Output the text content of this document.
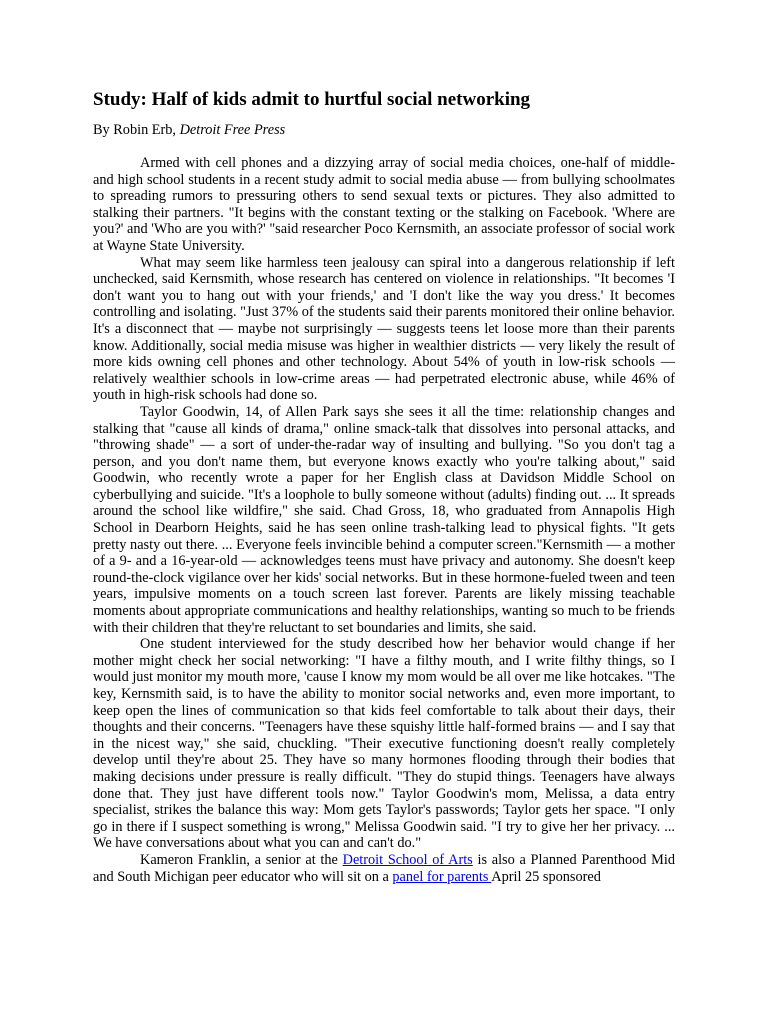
Study: Half of kids admit to hurtful social networking

By Robin Erb, Detroit Free Press

Armed with cell phones and a dizzying array of social media choices, one-half of middle- and high school students in a recent study admit to social media abuse — from bullying schoolmates to spreading rumors to pressuring others to send sexual texts or pictures. They also admitted to stalking their partners. "It begins with the constant texting or the stalking on Facebook. 'Where are you?' and 'Who are you with?' "said researcher Poco Kernsmith, an associate professor of social work at Wayne State University.

What may seem like harmless teen jealousy can spiral into a dangerous relationship if left unchecked, said Kernsmith, whose research has centered on violence in relationships. "It becomes 'I don't want you to hang out with your friends,' and 'I don't like the way you dress.' It becomes controlling and isolating. "Just 37% of the students said their parents monitored their online behavior. It's a disconnect that — maybe not surprisingly — suggests teens let loose more than their parents know. Additionally, social media misuse was higher in wealthier districts — very likely the result of more kids owning cell phones and other technology. About 54% of youth in low-risk schools — relatively wealthier schools in low-crime areas — had perpetrated electronic abuse, while 46% of youth in high-risk schools had done so.

Taylor Goodwin, 14, of Allen Park says she sees it all the time: relationship changes and stalking that "cause all kinds of drama," online smack-talk that dissolves into personal attacks, and "throwing shade" — a sort of under-the-radar way of insulting and bullying. "So you don't tag a person, and you don't name them, but everyone knows exactly who you're talking about," said Goodwin, who recently wrote a paper for her English class at Davidson Middle School on cyberbullying and suicide. "It's a loophole to bully someone without (adults) finding out. ... It spreads around the school like wildfire," she said. Chad Gross, 18, who graduated from Annapolis High School in Dearborn Heights, said he has seen online trash-talking lead to physical fights. "It gets pretty nasty out there. ... Everyone feels invincible behind a computer screen."Kernsmith — a mother of a 9- and a 16-year-old — acknowledges teens must have privacy and autonomy. She doesn't keep round-the-clock vigilance over her kids' social networks. But in these hormone-fueled tween and teen years, impulsive moments on a touch screen last forever. Parents are likely missing teachable moments about appropriate communications and healthy relationships, wanting so much to be friends with their children that they're reluctant to set boundaries and limits, she said.

One student interviewed for the study described how her behavior would change if her mother might check her social networking: "I have a filthy mouth, and I write filthy things, so I would just monitor my mouth more, 'cause I know my mom would be all over me like hotcakes. "The key, Kernsmith said, is to have the ability to monitor social networks and, even more important, to keep open the lines of communication so that kids feel comfortable to talk about their days, their thoughts and their concerns. "Teenagers have these squishy little half-formed brains — and I say that in the nicest way," she said, chuckling. "Their executive functioning doesn't really completely develop until they're about 25. They have so many hormones flooding through their bodies that making decisions under pressure is really difficult. "They do stupid things. Teenagers have always done that. They just have different tools now." Taylor Goodwin's mom, Melissa, a data entry specialist, strikes the balance this way: Mom gets Taylor's passwords; Taylor gets her space. "I only go in there if I suspect something is wrong," Melissa Goodwin said. "I try to give her her privacy. ... We have conversations about what you can and can't do."

Kameron Franklin, a senior at the Detroit School of Arts is also a Planned Parenthood Mid and South Michigan peer educator who will sit on a panel for parents April 25 sponsored
